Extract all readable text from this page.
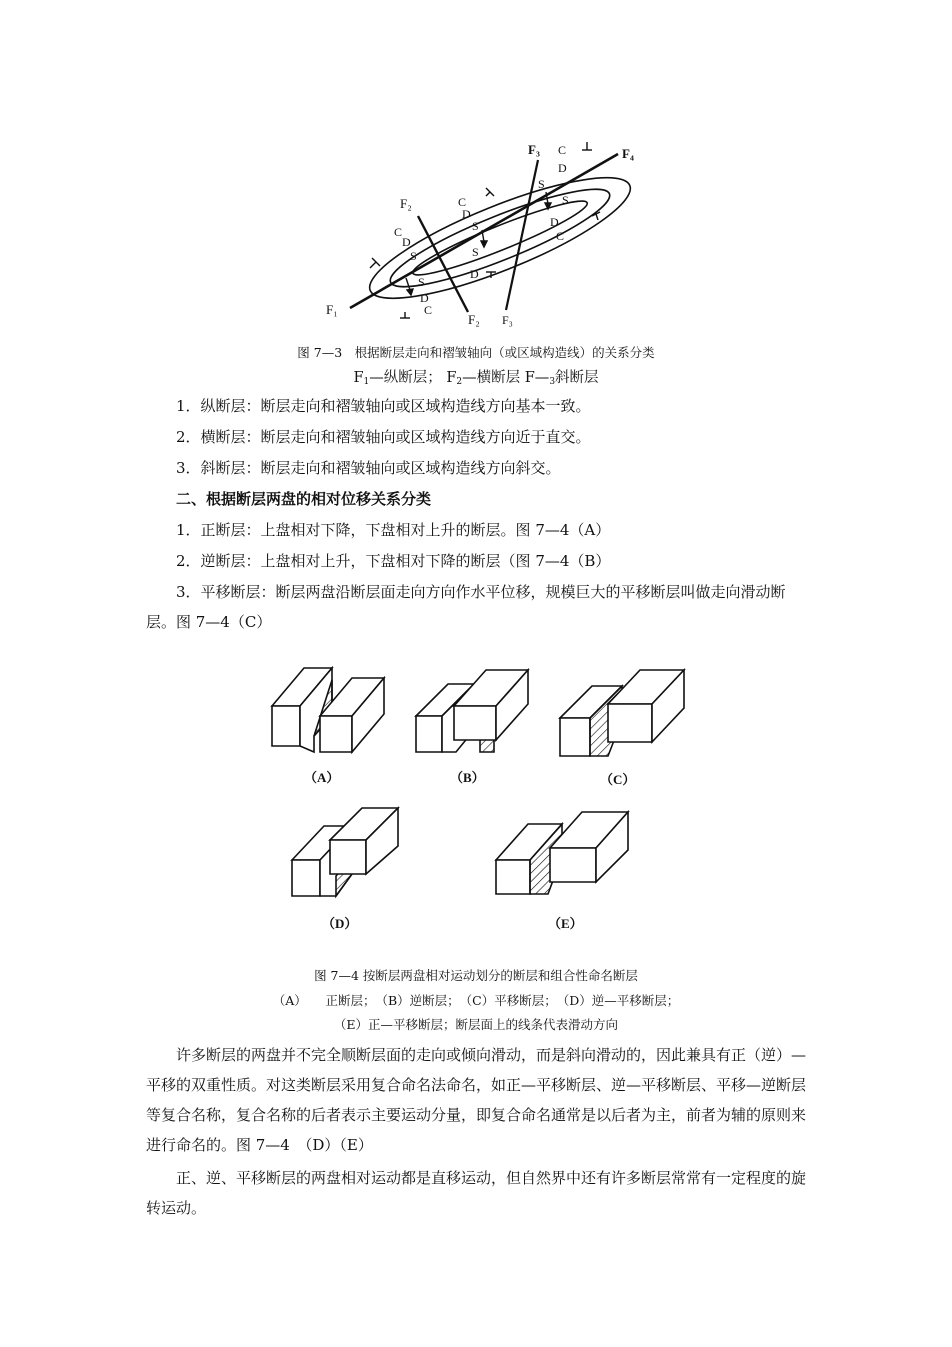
F₁
F₂
F₂
F₃
F₃
F₄
C
D
S
S
D
C
C
D
S
S
C
D
S
D
S
D
C
图 7—3　根据断层走向和褶皱轴向（或区域构造线）的关系分类
$F_1—$纵断层； $F_2—$横断层 $F—_3$斜断层
1．纵断层：断层走向和褶皱轴向或区域构造线方向基本一致。
2．横断层：断层走向和褶皱轴向或区域构造线方向近于直交。
3．斜断层：断层走向和褶皱轴向或区域构造线方向斜交。
二、根据断层两盘的相对位移关系分类
1．正断层：上盘相对下降，下盘相对上升的断层。图 7—4（A）
2．逆断层：上盘相对上升，下盘相对下降的断层（图 7—4（B）
3．平移断层：断层两盘沿断层面走向方向作水平位移，规模巨大的平移断层叫做走向滑动断层。图 7—4（C）
（A）	（B）	（C）
（D）	（E）
图 7—4 按断层两盘相对运动划分的断层和组合性命名断层
（A）　　正断层；　（B）逆断层；　（C）平移断层；　（D）逆—平移断层；
（E）正—平移断层；断层面上的线条代表滑动方向
许多断层的两盘并不完全顺断层面的走向或倾向滑动，而是斜向滑动的，因此兼具有正（逆）—平移的双重性质。对这类断层采用复合命名法命名，如正—平移断层、逆—平移断层、平移—逆断层等复合名称，复合名称的后者表示主要运动分量，即复合命名通常是以后者为主，前者为辅的原则来进行命名的。图 7—4　（D）（E）
正、逆、平移断层的两盘相对运动都是直移运动，但自然界中还有许多断层常常有一定程度的旋转运动。
